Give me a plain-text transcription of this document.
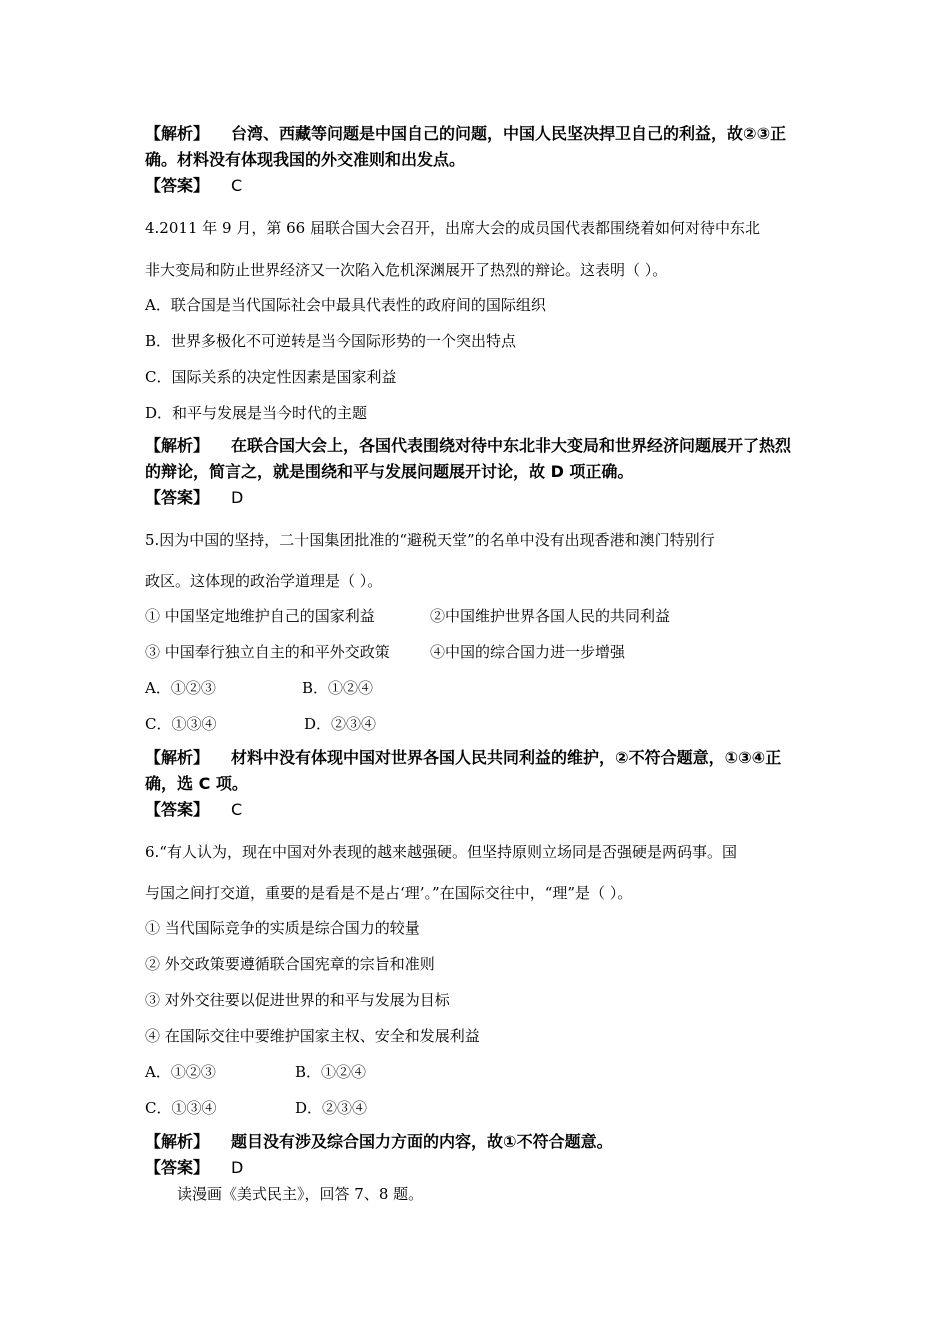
【解析】 台湾、西藏等问题是中国自己的问题，中国人民坚决捍卫自己的利益，故②③正
确。材料没有体现我国的外交准则和出发点。
【答案】 C
4.2011 年 9 月，第 66 届联合国大会召开，出席大会的成员国代表都围绕着如何对待中东北
非大变局和防止世界经济又一次陷入危机深渊展开了热烈的辩论。这表明（ ）。
A．联合国是当代国际社会中最具代表性的政府间的国际组织
B．世界多极化不可逆转是当今国际形势的一个突出特点
C．国际关系的决定性因素是国家利益
D．和平与发展是当今时代的主题
【解析】 在联合国大会上，各国代表围绕对待中东北非大变局和世界经济问题展开了热烈
的辩论，简言之，就是围绕和平与发展问题展开讨论，故 D 项正确。
【答案】 D
5.因为中国的坚持，二十国集团批准的“避税天堂”的名单中没有出现香港和澳门特别行
政区。这体现的政治学道理是（ ）。
① 中国坚定地维护自己的国家利益	②中国维护世界各国人民的共同利益
③ 中国奉行独立自主的和平外交政策	④中国的综合国力进一步增强
A．①②③	B．①②④
C．①③④	D．②③④
【解析】 材料中没有体现中国对世界各国人民共同利益的维护，②不符合题意，①③④正
确，选 C 项。
【答案】 C
6.“有人认为，现在中国对外表现的越来越强硬。但坚持原则立场同是否强硬是两码事。国
与国之间打交道，重要的是看是不是占‘理’。”在国际交往中，“理”是（ ）。
① 当代国际竞争的实质是综合国力的较量
② 外交政策要遵循联合国宪章的宗旨和准则
③ 对外交往要以促进世界的和平与发展为目标
④ 在国际交往中要维护国家主权、安全和发展利益
A．①②③	B．①②④
C．①③④	D．②③④
【解析】 题目没有涉及综合国力方面的内容，故①不符合题意。
【答案】 D
读漫画《美式民主》，回答 7、8 题。
